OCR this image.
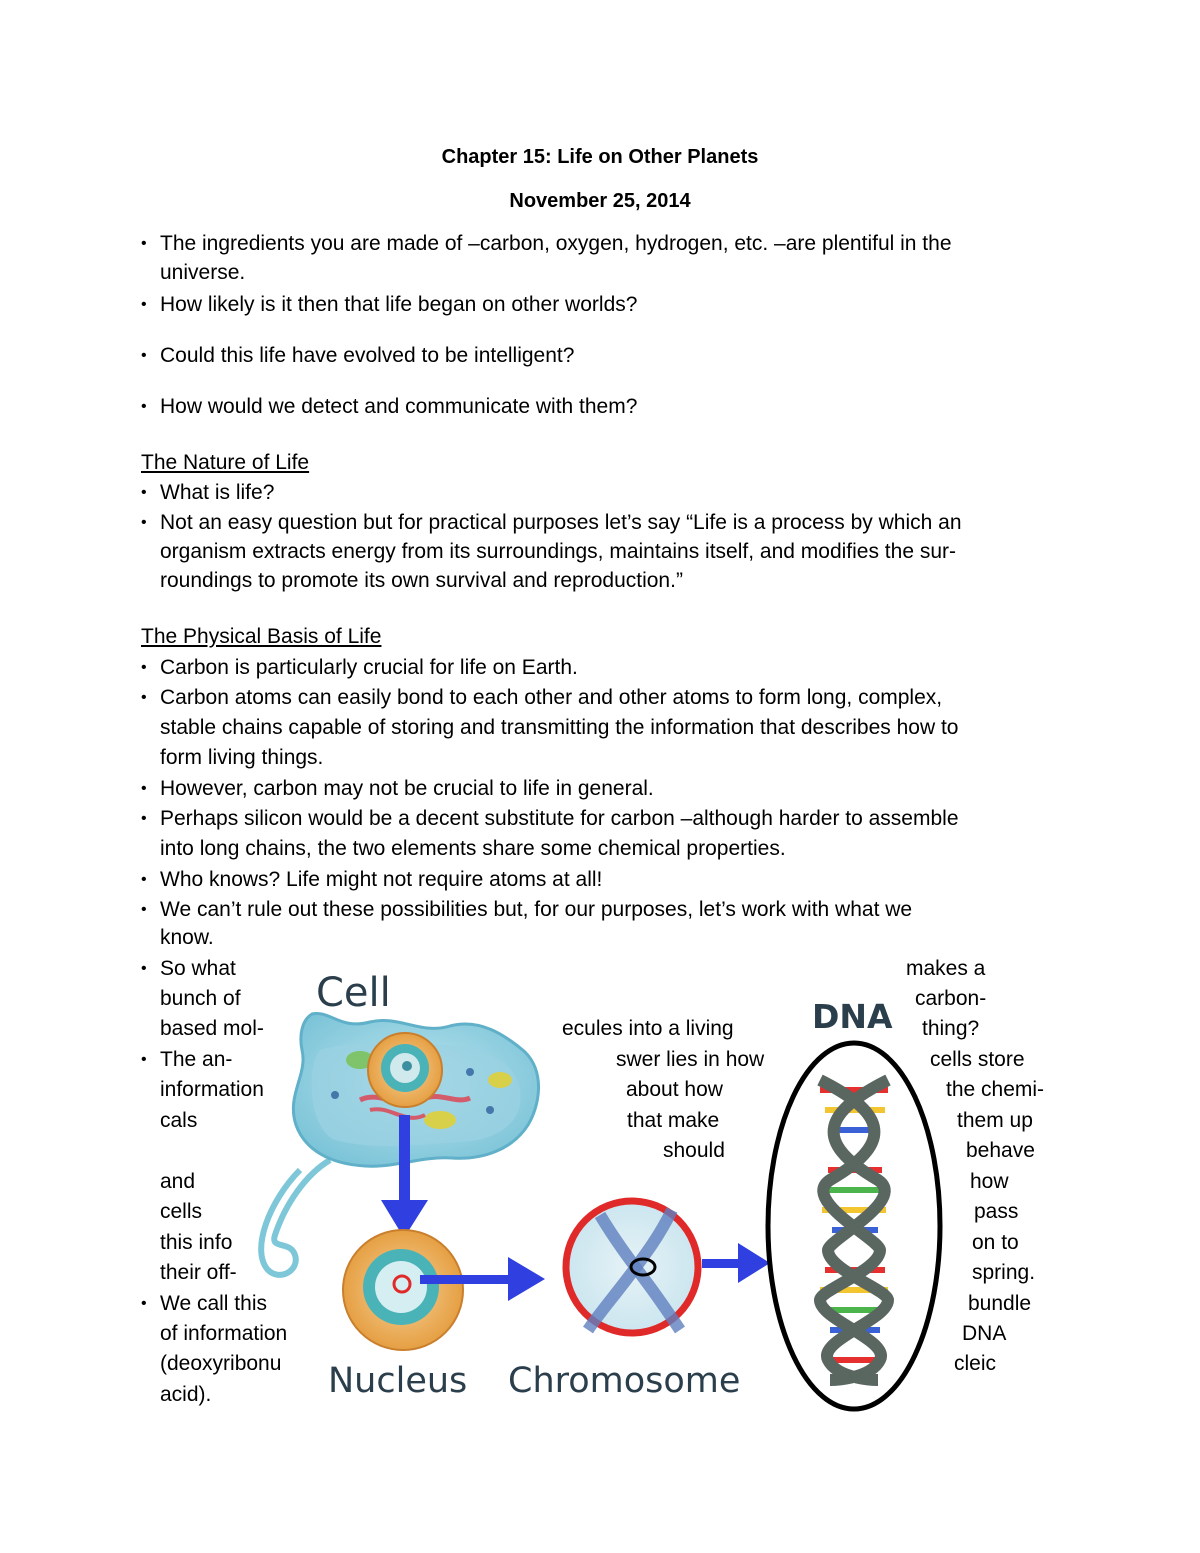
Chapter 15: Life on Other Planets
November 25, 2014
• The ingredients you are made of –carbon, oxygen, hydrogen, etc. –are plentiful in the
universe.
• How likely is it then that life began on other worlds?
• Could this life have evolved to be intelligent?
• How would we detect and communicate with them?
The Nature of Life
• What is life?
• Not an easy question but for practical purposes let’s say “Life is a process by which an
organism extracts energy from its surroundings, maintains itself, and modifies the sur-
roundings to promote its own survival and reproduction.”
The Physical Basis of Life
• Carbon is particularly crucial for life on Earth.
• Carbon atoms can easily bond to each other and other atoms to form long, complex,
stable chains capable of storing and transmitting the information that describes how to
form living things.
• However, carbon may not be crucial to life in general.
• Perhaps silicon would be a decent substitute for carbon –although harder to assemble
into long chains, the two elements share some chemical properties.
• Who knows? Life might not require atoms at all!
• We can’t rule out these possibilities but, for our purposes, let’s work with what we
know.
• So what
bunch of
based mol-
• The an-
information
cals
and
cells
this info
their off-
• We call this
of information
(deoxyribonu
acid).
ecules into a living
swer lies in how
about how
that make
should
makes a
carbon-
thing?
cells store
the chemi-
them up
behave
how
pass
on to
spring.
bundle
DNA
cleic
Cell
DNA
Nucleus Chromosome
